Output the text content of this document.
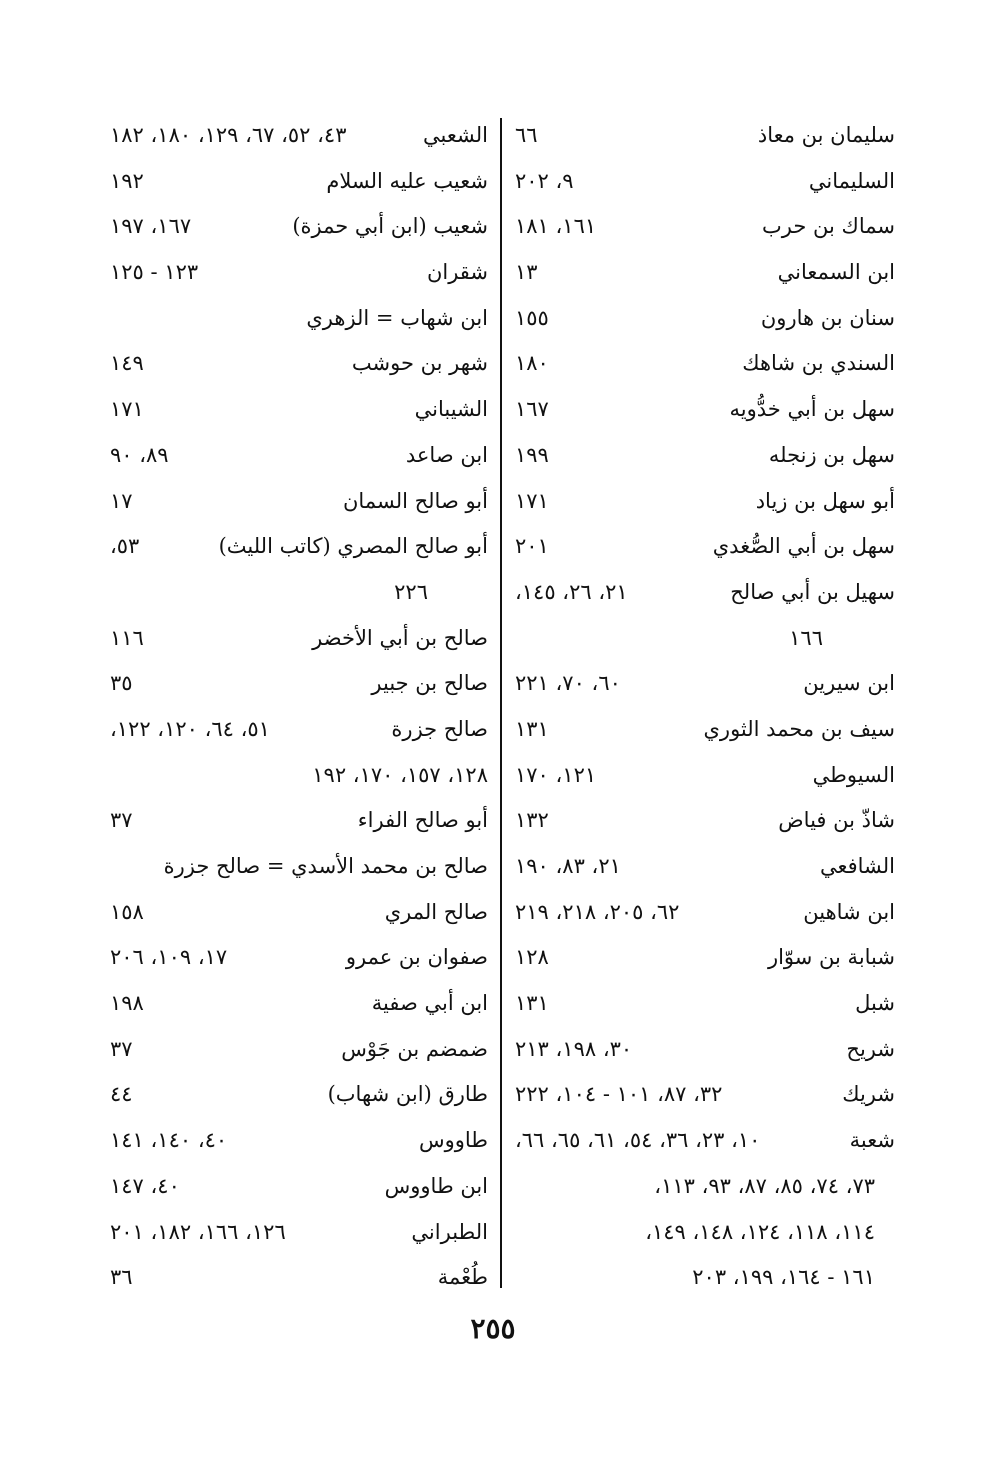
سليمان بن معاذ
٦٦
السليماني
٩، ٢٠٢
سماك بن حرب
١٦١، ١٨١
ابن السمعاني
١٣
سنان بن هارون
١٥٥
السندي بن شاهك
١٨٠
سهل بن أبي خدُّويه
١٦٧
سهل بن زنجله
١٩٩
أبو سهل بن زياد
١٧١
سهل بن أبي الصُّغدي
٢٠١
سهيل بن أبي صالح
٢١، ٢٦، ١٤٥،
١٦٦
ابن سيرين
٦٠، ٧٠، ٢٢١
سيف بن محمد الثوري
١٣١
السيوطي
١٢١، ١٧٠
شاذّ بن فياض
١٣٢
الشافعي
٢١، ٨٣، ١٩٠
ابن شاهين
٦٢، ٢٠٥، ٢١٨، ٢١٩
شبابة بن سوّار
١٢٨
شبل
١٣١
شريح
٣٠، ١٩٨، ٢١٣
شريك
٣٢، ٨٧، ١٠١ - ١٠٤، ٢٢٢
شعبة
١٠، ٢٣، ٣٦، ٥٤، ٦١، ٦٥، ٦٦،
٧٣، ٧٤، ٨٥، ٨٧، ٩٣، ١١٣،
١١٤، ١١٨، ١٢٤، ١٤٨، ١٤٩،
١٦١ - ١٦٤، ١٩٩، ٢٠٣
الشعبي
٤٣، ٥٢، ٦٧، ١٢٩، ١٨٠، ١٨٢
شعيب عليه السلام
١٩٢
شعيب (ابن أبي حمزة)
١٦٧، ١٩٧
شقران
١٢٣ - ١٢٥
ابن شهاب = الزهري
شهر بن حوشب
١٤٩
الشيباني
١٧١
ابن صاعد
٨٩، ٩٠
أبو صالح السمان
١٧
أبو صالح المصري (كاتب الليث)
٥٣،
٢٢٦
صالح بن أبي الأخضر
١١٦
صالح بن جبير
٣٥
صالح جزرة
٥١، ٦٤، ١٢٠، ١٢٢،
١٢٨، ١٥٧، ١٧٠، ١٩٢
أبو صالح الفراء
٣٧
صالح بن محمد الأسدي = صالح جزرة
صالح المري
١٥٨
صفوان بن عمرو
١٧، ١٠٩، ٢٠٦
ابن أبي صفية
١٩٨
ضمضم بن جَوْس
٣٧
طارق (ابن شهاب)
٤٤
طاووس
٤٠، ١٤٠، ١٤١
ابن طاووس
٤٠، ١٤٧
الطبراني
١٢٦، ١٦٦، ١٨٢، ٢٠١
طُعْمة
٣٦
٢٥٥
